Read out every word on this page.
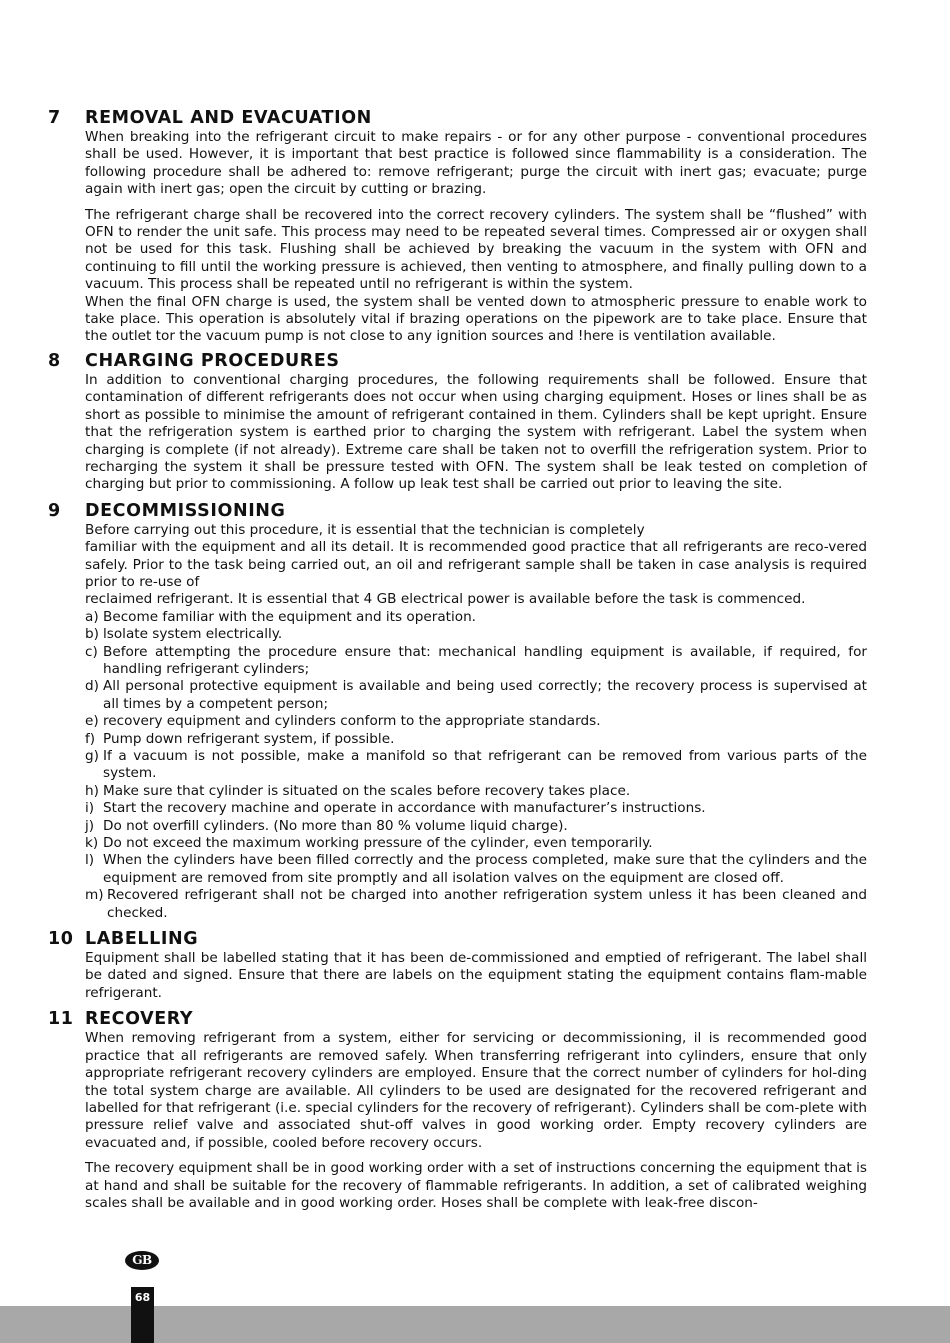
7 REMOVAL AND EVACUATION

When breaking into the refrigerant circuit to make repairs - or for any other purpose - conventional procedures shall be used. However, it is important that best practice is followed since flammability is a consideration. The following procedure shall be adhered to: remove refrigerant; purge the circuit with inert gas; evacuate; purge again with inert gas; open the circuit by cutting or brazing.

The refrigerant charge shall be recovered into the correct recovery cylinders. The system shall be “flushed” with OFN to render the unit safe. This process may need to be repeated several times. Compressed air or oxygen shall not be used for this task. Flushing shall be achieved by breaking the vacuum in the system with OFN and continuing to fill until the working pressure is achieved, then venting to atmosphere, and finally pulling down to a vacuum. This process shall be repeated until no refrigerant is within the system.

When the final OFN charge is used, the system shall be vented down to atmospheric pressure to enable work to take place. This operation is absolutely vital if brazing operations on the pipework are to take place. Ensure that the outlet tor the vacuum pump is not close to any ignition sources and !here is ventilation available.

8 CHARGING PROCEDURES

In addition to conventional charging procedures, the following requirements shall be followed. Ensure that contamination of different refrigerants does not occur when using charging equipment. Hoses or lines shall be as short as possible to minimise the amount of refrigerant contained in them. Cylinders shall be kept upright. Ensure that the refrigeration system is earthed prior to charging the system with refrigerant. Label the system when charging is complete (if not already). Extreme care shall be taken not to overfill the refrigeration system. Prior to recharging the system it shall be pressure tested with OFN. The system shall be leak tested on completion of charging but prior to commissioning. A follow up leak test shall be carried out prior to leaving the site.

9 DECOMMISSIONING

Before carrying out this procedure, it is essential that the technician is completely

familiar with the equipment and all its detail. It is recommended good practice that all refrigerants are reco-vered safely. Prior to the task being carried out, an oil and refrigerant sample shall be taken in case analysis is required prior to re-use of

reclaimed refrigerant. It is essential that 4 GB electrical power is available before the task is commenced.

a) Become familiar with the equipment and its operation.
b) lsolate system electrically.
c) Before attempting the procedure ensure that: mechanical handling equipment is available, if required, for handling refrigerant cylinders;
d) All personal protective equipment is available and being used correctly; the recovery process is supervised at all times by a competent person;
e) recovery equipment and cylinders conform to the appropriate standards.
f) Pump down refrigerant system, if possible.
g) If a vacuum is not possible, make a manifold so that refrigerant can be removed from various parts of the system.
h) Make sure that cylinder is situated on the scales before recovery takes place.
i) Start the recovery machine and operate in accordance with manufacturer’s instructions.
j) Do not overfill cylinders. (No more than 80 % volume liquid charge).
k) Do not exceed the maximum working pressure of the cylinder, even temporarily.
l) When the cylinders have been filled correctly and the process completed, make sure that the cylinders and the equipment are removed from site promptly and all isolation valves on the equipment are closed off.
m) Recovered refrigerant shall not be charged into another refrigeration system unless it has been cleaned and checked.
10 LABELLING

Equipment shall be labelled stating that it has been de-commissioned and emptied of refrigerant. The label shall be dated and signed. Ensure that there are labels on the equipment stating the equipment contains flam-mable refrigerant.

11 RECOVERY

When removing refrigerant from a system, either for servicing or decommissioning, il is recommended good practice that all refrigerants are removed safely. When transferring refrigerant into cylinders, ensure that only appropriate refrigerant recovery cylinders are employed. Ensure that the correct number of cylinders for hol-ding the total system charge are available. All cylinders to be used are designated for the recovered refrigerant and labelled for that refrigerant (i.e. special cylinders for the recovery of refrigerant). Cylinders shall be com-plete with pressure relief valve and associated shut-off valves in good working order. Empty recovery cylinders are evacuated and, if possible, cooled before recovery occurs.

The recovery equipment shall be in good working order with a set of instructions concerning the equipment that is at hand and shall be suitable for the recovery of flammable refrigerants. In addition, a set of calibrated weighing scales shall be available and in good working order. Hoses shall be complete with leak-free discon-

GB
68
